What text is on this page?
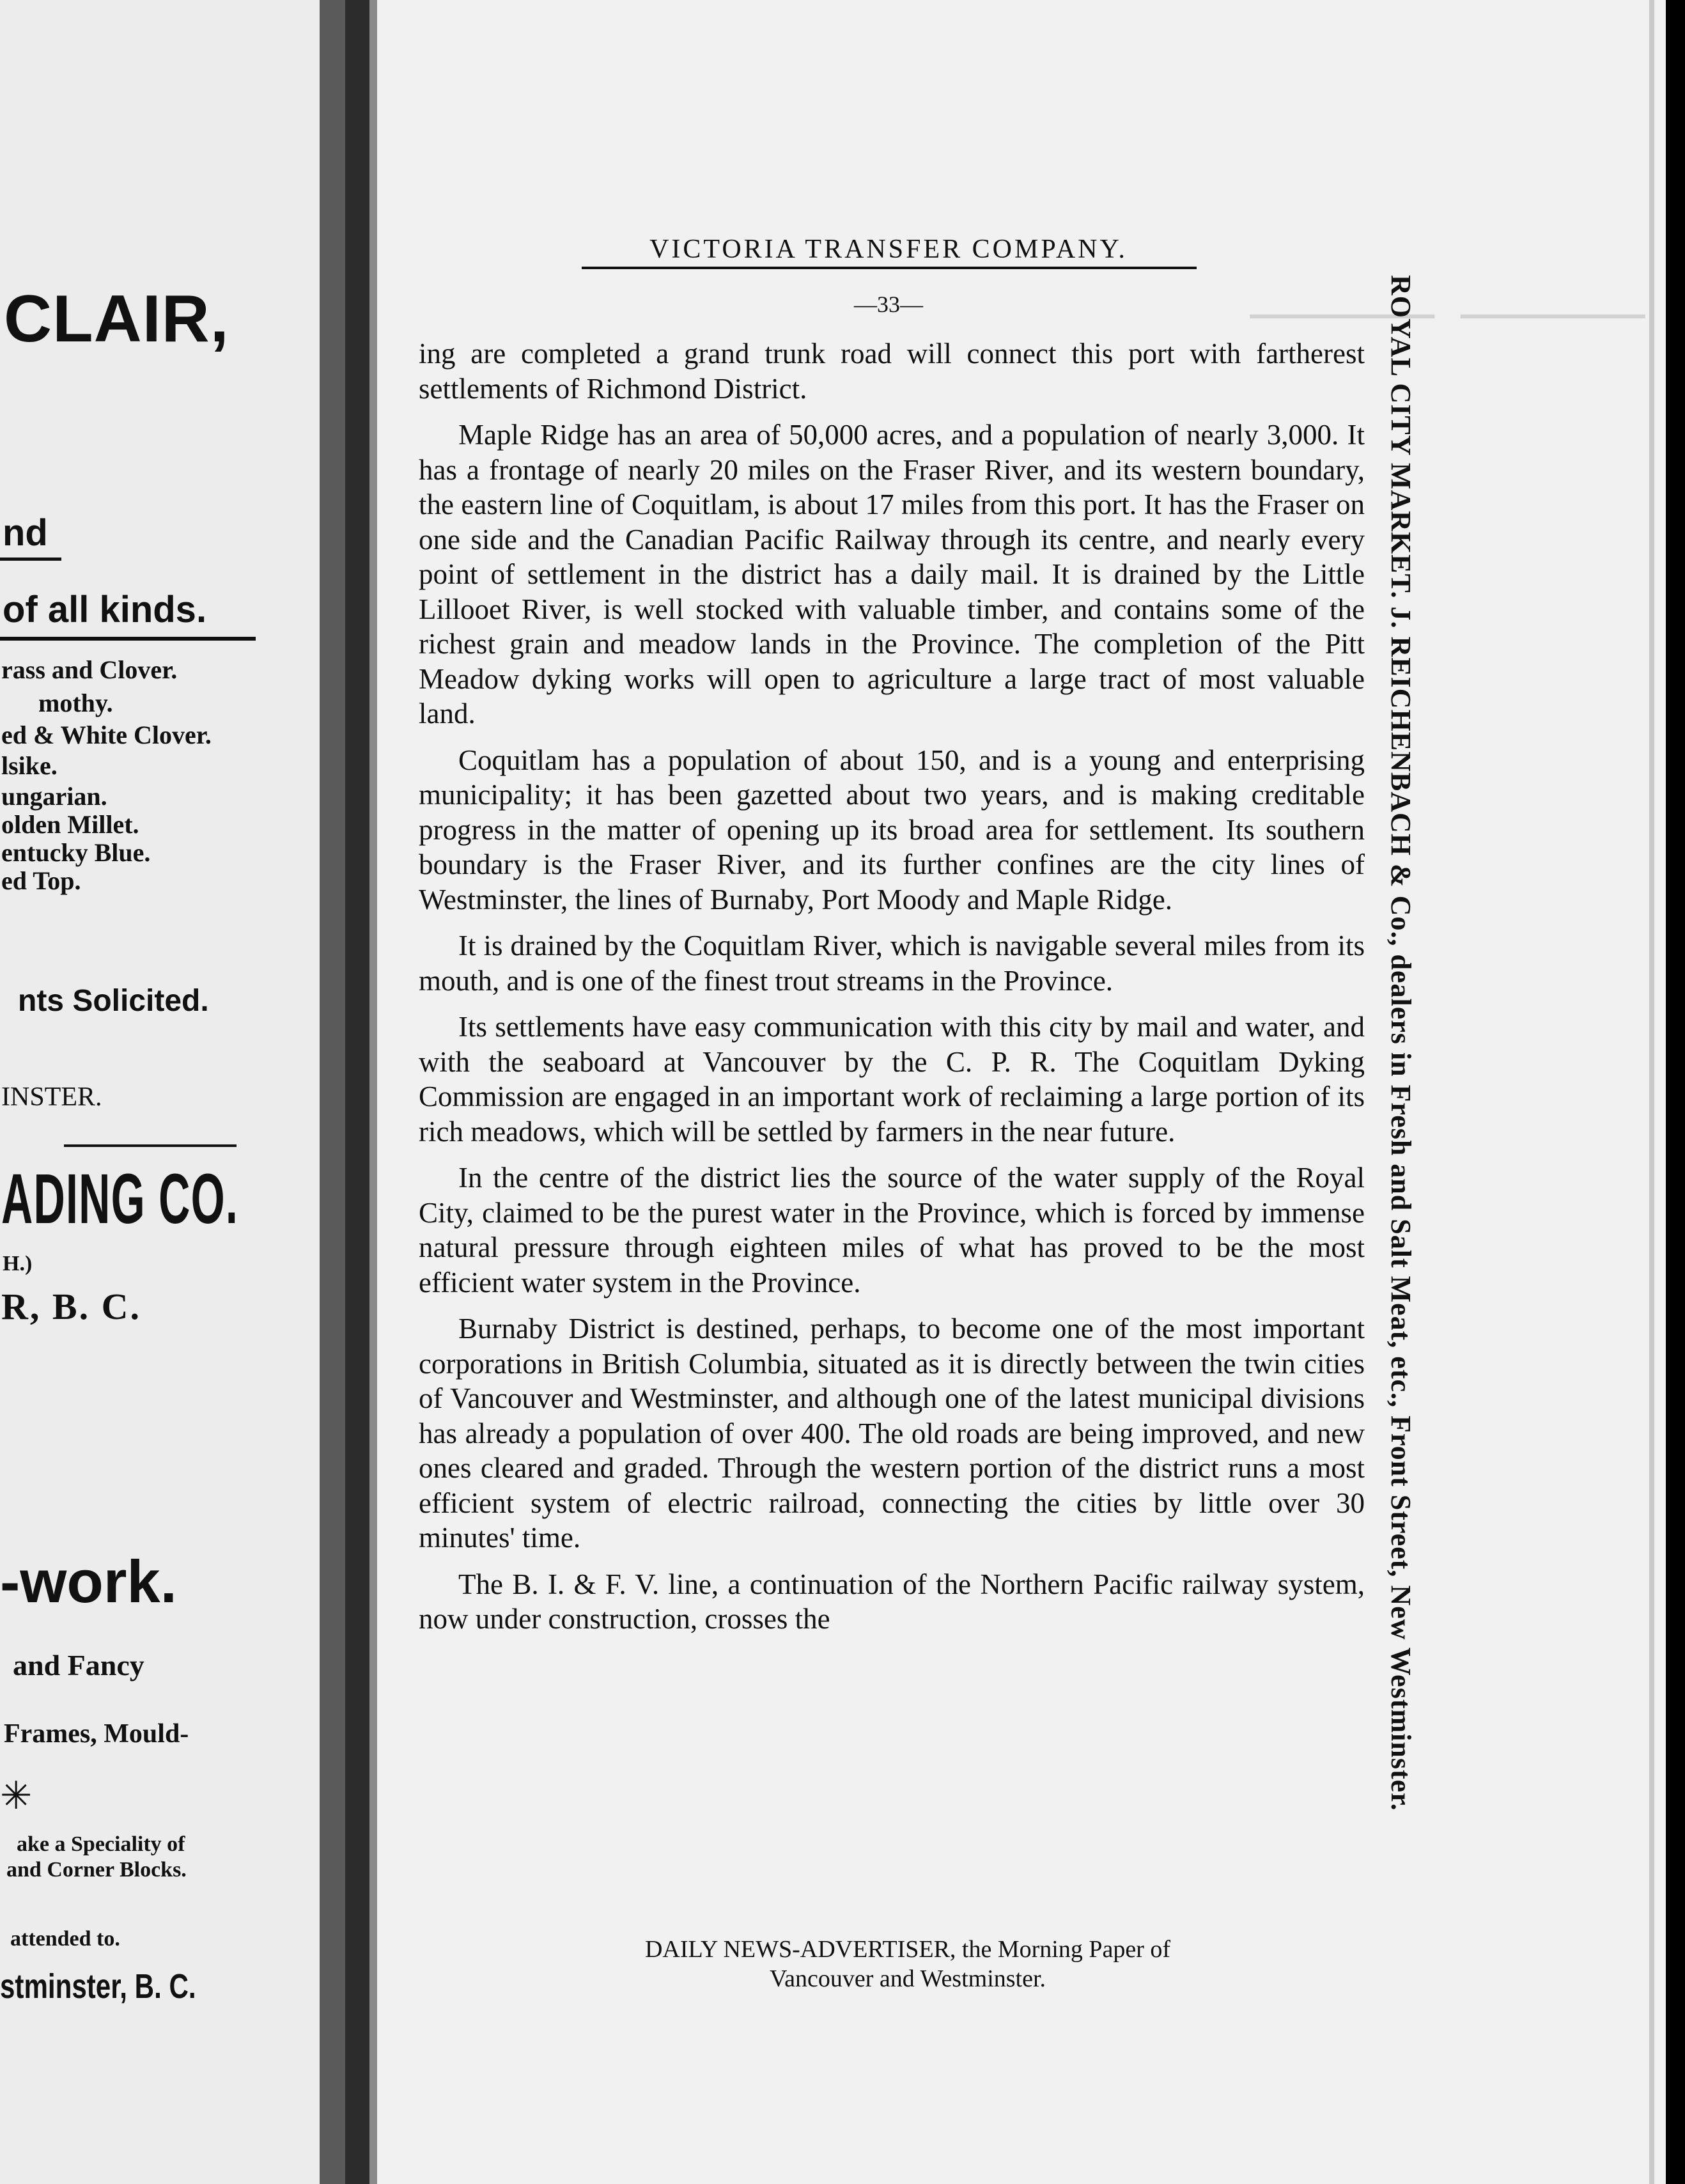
CLAIR,
nd
of all kinds.
rass and Clover.
mothy.
ed & White Clover.
lsike.
ungarian.
olden Millet.
entucky Blue.
ed Top.
nts Solicited.
INSTER.
ADING CO.
H.)
R, B. C.
-work.
and Fancy
Frames, Mould-
✳
ake a Speciality of
and Corner Blocks.
attended to.
stminster, B. C.
⸻ ⸻
VICTORIA TRANSFER COMPANY.
—33—

ing are completed a grand trunk road will connect this port with fartherest settlements of Richmond District.

Maple Ridge has an area of 50,000 acres, and a population of nearly 3,000. It has a frontage of nearly 20 miles on the Fraser River, and its western boundary, the eastern line of Coquitlam, is about 17 miles from this port. It has the Fraser on one side and the Canadian Pacific Railway through its centre, and nearly every point of settlement in the district has a daily mail. It is drained by the Little Lillooet River, is well stocked with valuable timber, and contains some of the richest grain and meadow lands in the Province. The completion of the Pitt Meadow dyking works will open to agriculture a large tract of most valuable land.

Coquitlam has a population of about 150, and is a young and enterprising municipality; it has been gazetted about two years, and is making creditable progress in the matter of opening up its broad area for settlement. Its southern boundary is the Fraser River, and its further confines are the city lines of Westminster, the lines of Burnaby, Port Moody and Maple Ridge.

It is drained by the Coquitlam River, which is navigable several miles from its mouth, and is one of the finest trout streams in the Province.

Its settlements have easy communication with this city by mail and water, and with the seaboard at Vancouver by the C. P. R. The Coquitlam Dyking Commission are engaged in an important work of reclaiming a large portion of its rich meadows, which will be settled by farmers in the near future.

In the centre of the district lies the source of the water supply of the Royal City, claimed to be the purest water in the Province, which is forced by immense natural pressure through eighteen miles of what has proved to be the most efficient water system in the Province.

Burnaby District is destined, perhaps, to become one of the most important corporations in British Columbia, situated as it is directly between the twin cities of Vancouver and Westminster, and although one of the latest municipal divisions has already a population of over 400. The old roads are being improved, and new ones cleared and graded. Through the western portion of the district runs a most efficient system of electric railroad, connecting the cities by little over 30 minutes' time.

The B. I. & F. V. line, a continuation of the Northern Pacific railway system, now under construction, crosses the	ROYAL CITY MARKET. J. REICHENBACH & Co., dealers in Fresh and Salt Meat, etc., Front Street, New Westminster.
DAILY NEWS-ADVERTISER, the Morning Paper of
Vancouver and Westminster.
